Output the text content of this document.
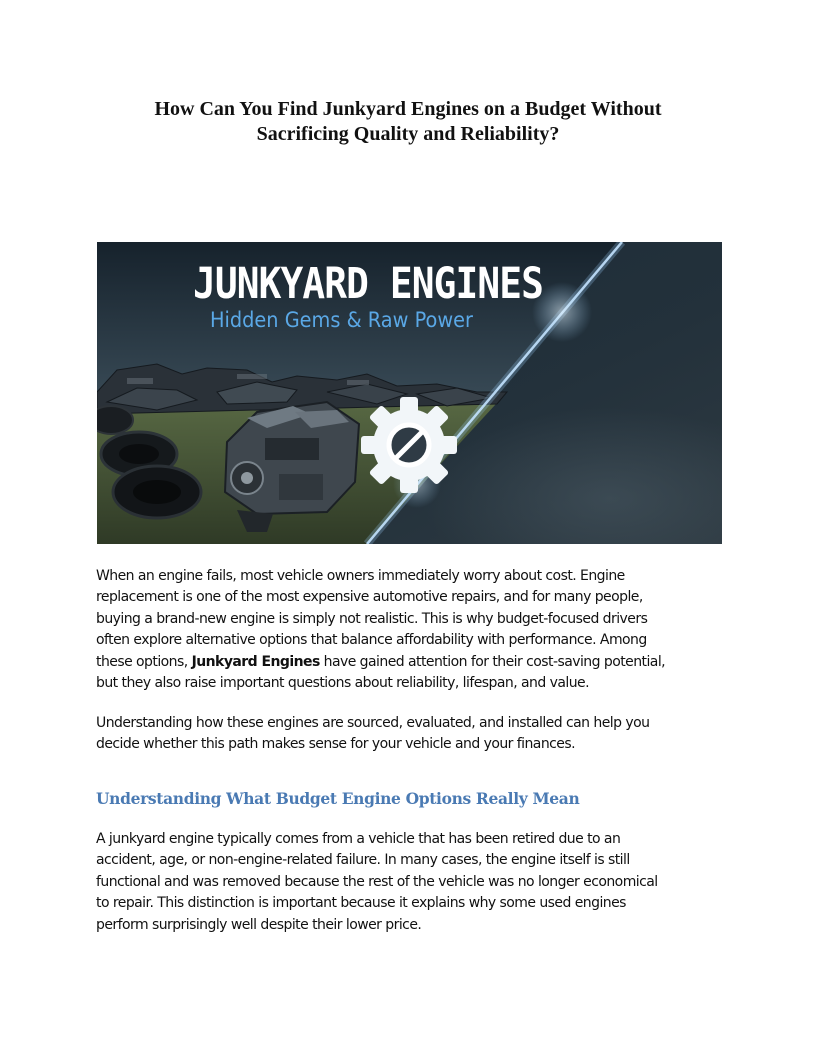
How Can You Find Junkyard Engines on a Budget Without
Sacrificing Quality and Reliability?
JUNKYARD ENGINES
Hidden Gems & Raw Power
When an engine fails, most vehicle owners immediately worry about cost. Engine
replacement is one of the most expensive automotive repairs, and for many people,
buying a brand-new engine is simply not realistic. This is why budget-focused drivers
often explore alternative options that balance affordability with performance. Among
these options, Junkyard Engines have gained attention for their cost-saving potential,
but they also raise important questions about reliability, lifespan, and value.
Understanding how these engines are sourced, evaluated, and installed can help you
decide whether this path makes sense for your vehicle and your finances.
Understanding What Budget Engine Options Really Mean
A junkyard engine typically comes from a vehicle that has been retired due to an
accident, age, or non-engine-related failure. In many cases, the engine itself is still
functional and was removed because the rest of the vehicle was no longer economical
to repair. This distinction is important because it explains why some used engines
perform surprisingly well despite their lower price.
